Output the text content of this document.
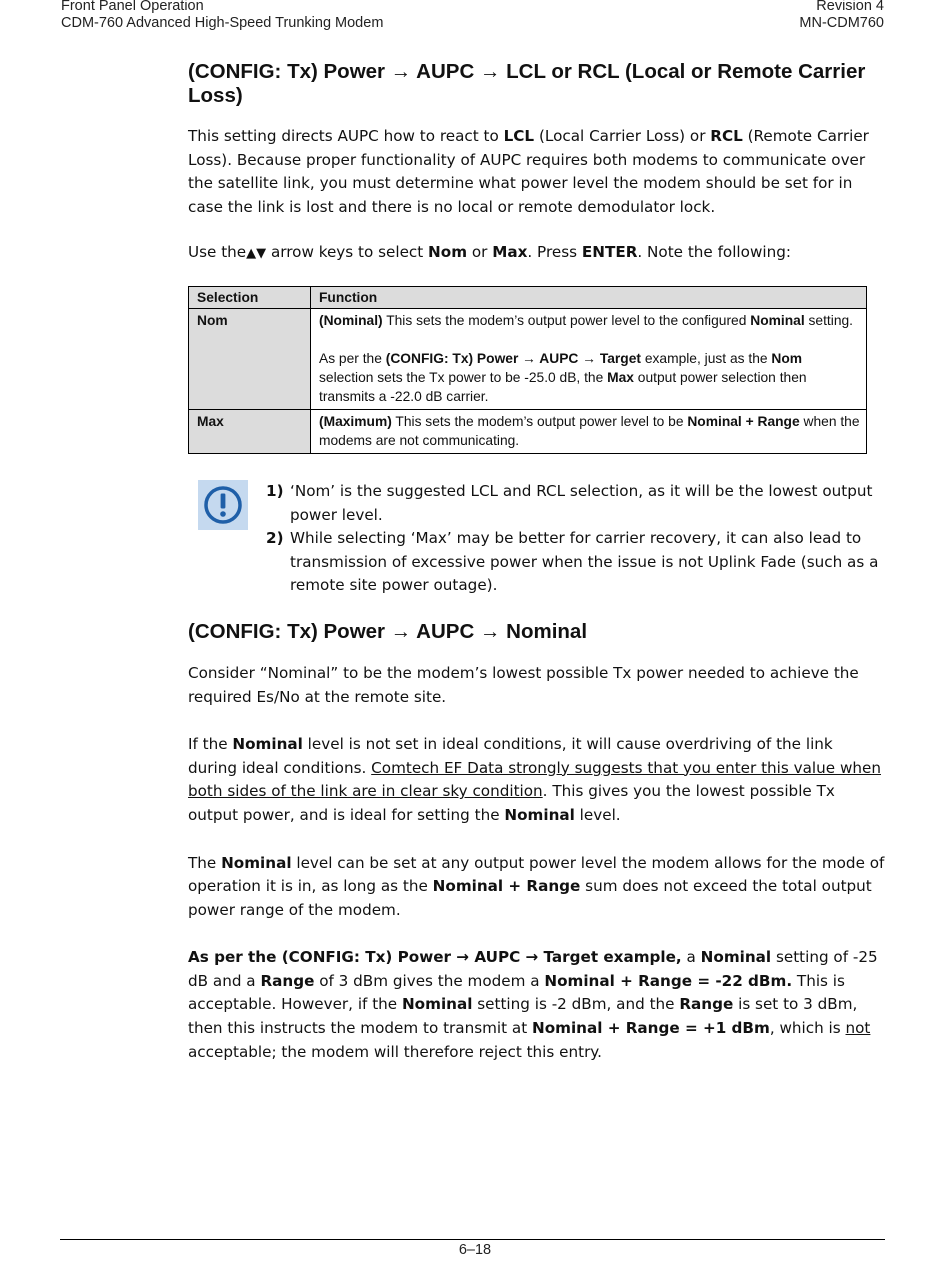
Front Panel Operation
CDM-760 Advanced High-Speed Trunking Modem
Revision 4
MN-CDM760
(CONFIG: Tx) Power → AUPC → LCL or RCL (Local or Remote Carrier Loss)

This setting directs AUPC how to react to LCL (Local Carrier Loss) or RCL (Remote Carrier Loss). Because proper functionality of AUPC requires both modems to communicate over the satellite link, you must determine what power level the modem should be set for in case the link is lost and there is no local or remote demodulator lock.

Use the▲▼ arrow keys to select Nom or Max. Press ENTER. Note the following:

Selection	Function
Nom	(Nominal) This sets the modem’s output power level to the configured Nominal setting.
As per the (CONFIG: Tx) Power → AUPC → Target example, just as the Nom selection sets the Tx power to be -25.0 dB, the Max output power selection then transmits a -22.0 dB carrier.

Max	(Maximum) This sets the modem’s output power level to be Nominal + Range when the modems are not communicating.
1) ‘Nom’ is the suggested LCL and RCL selection, as it will be the lowest output power level.
2) While selecting ‘Max’ may be better for carrier recovery, it can also lead to transmission of excessive power when the issue is not Uplink Fade (such as a remote site power outage).
(CONFIG: Tx) Power → AUPC → Nominal

Consider “Nominal” to be the modem’s lowest possible Tx power needed to achieve the required Es/No at the remote site.

If the Nominal level is not set in ideal conditions, it will cause overdriving of the link during ideal conditions. Comtech EF Data strongly suggests that you enter this value when both sides of the link are in clear sky condition. This gives you the lowest possible Tx output power, and is ideal for setting the Nominal level.

The Nominal level can be set at any output power level the modem allows for the mode of operation it is in, as long as the Nominal + Range sum does not exceed the total output power range of the modem.

As per the (CONFIG: Tx) Power → AUPC → Target example, a Nominal setting of -25 dB and a Range of 3 dBm gives the modem a Nominal + Range = -22 dBm. This is acceptable. However, if the Nominal setting is -2 dBm, and the Range is set to 3 dBm, then this instructs the modem to transmit at Nominal + Range = +1 dBm, which is not acceptable; the modem will therefore reject this entry.

6–18
